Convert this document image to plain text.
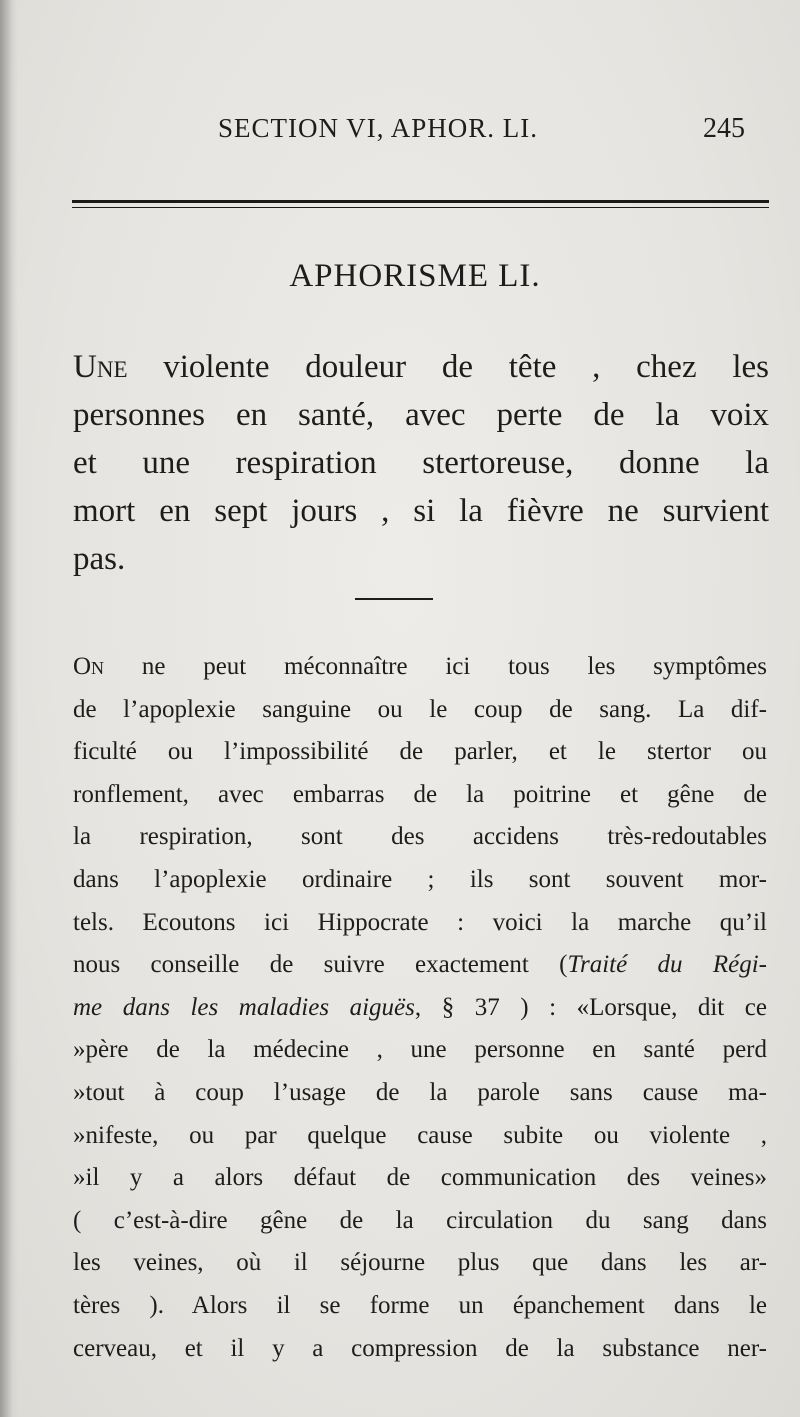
SECTION VI, APHOR. LI.	245
APHORISME LI.
Une violente douleur de tête , chez les
personnes en santé, avec perte de la voix
et une respiration stertoreuse, donne la
mort en sept jours , si la fièvre ne survient
pas.
On ne peut méconnaître ici tous les symptômes
de l’apoplexie sanguine ou le coup de sang. La dif-
ficulté ou l’impossibilité de parler, et le stertor ou
ronflement, avec embarras de la poitrine et gêne de
la respiration, sont des accidens très-redoutables
dans l’apoplexie ordinaire ; ils sont souvent mor-
tels. Ecoutons ici Hippocrate : voici la marche qu’il
nous conseille de suivre exactement (Traité du Régi-
me dans les maladies aiguës, § 37 ) : «Lorsque, dit ce
»père de la médecine , une personne en santé perd
»tout à coup l’usage de la parole sans cause ma-
»nifeste, ou par quelque cause subite ou violente ,
»il y a alors défaut de communication des veines»
( c’est-à-dire gêne de la circulation du sang dans
les veines, où il séjourne plus que dans les ar-
tères ). Alors il se forme un épanchement dans le
cerveau, et il y a compression de la substance ner-
